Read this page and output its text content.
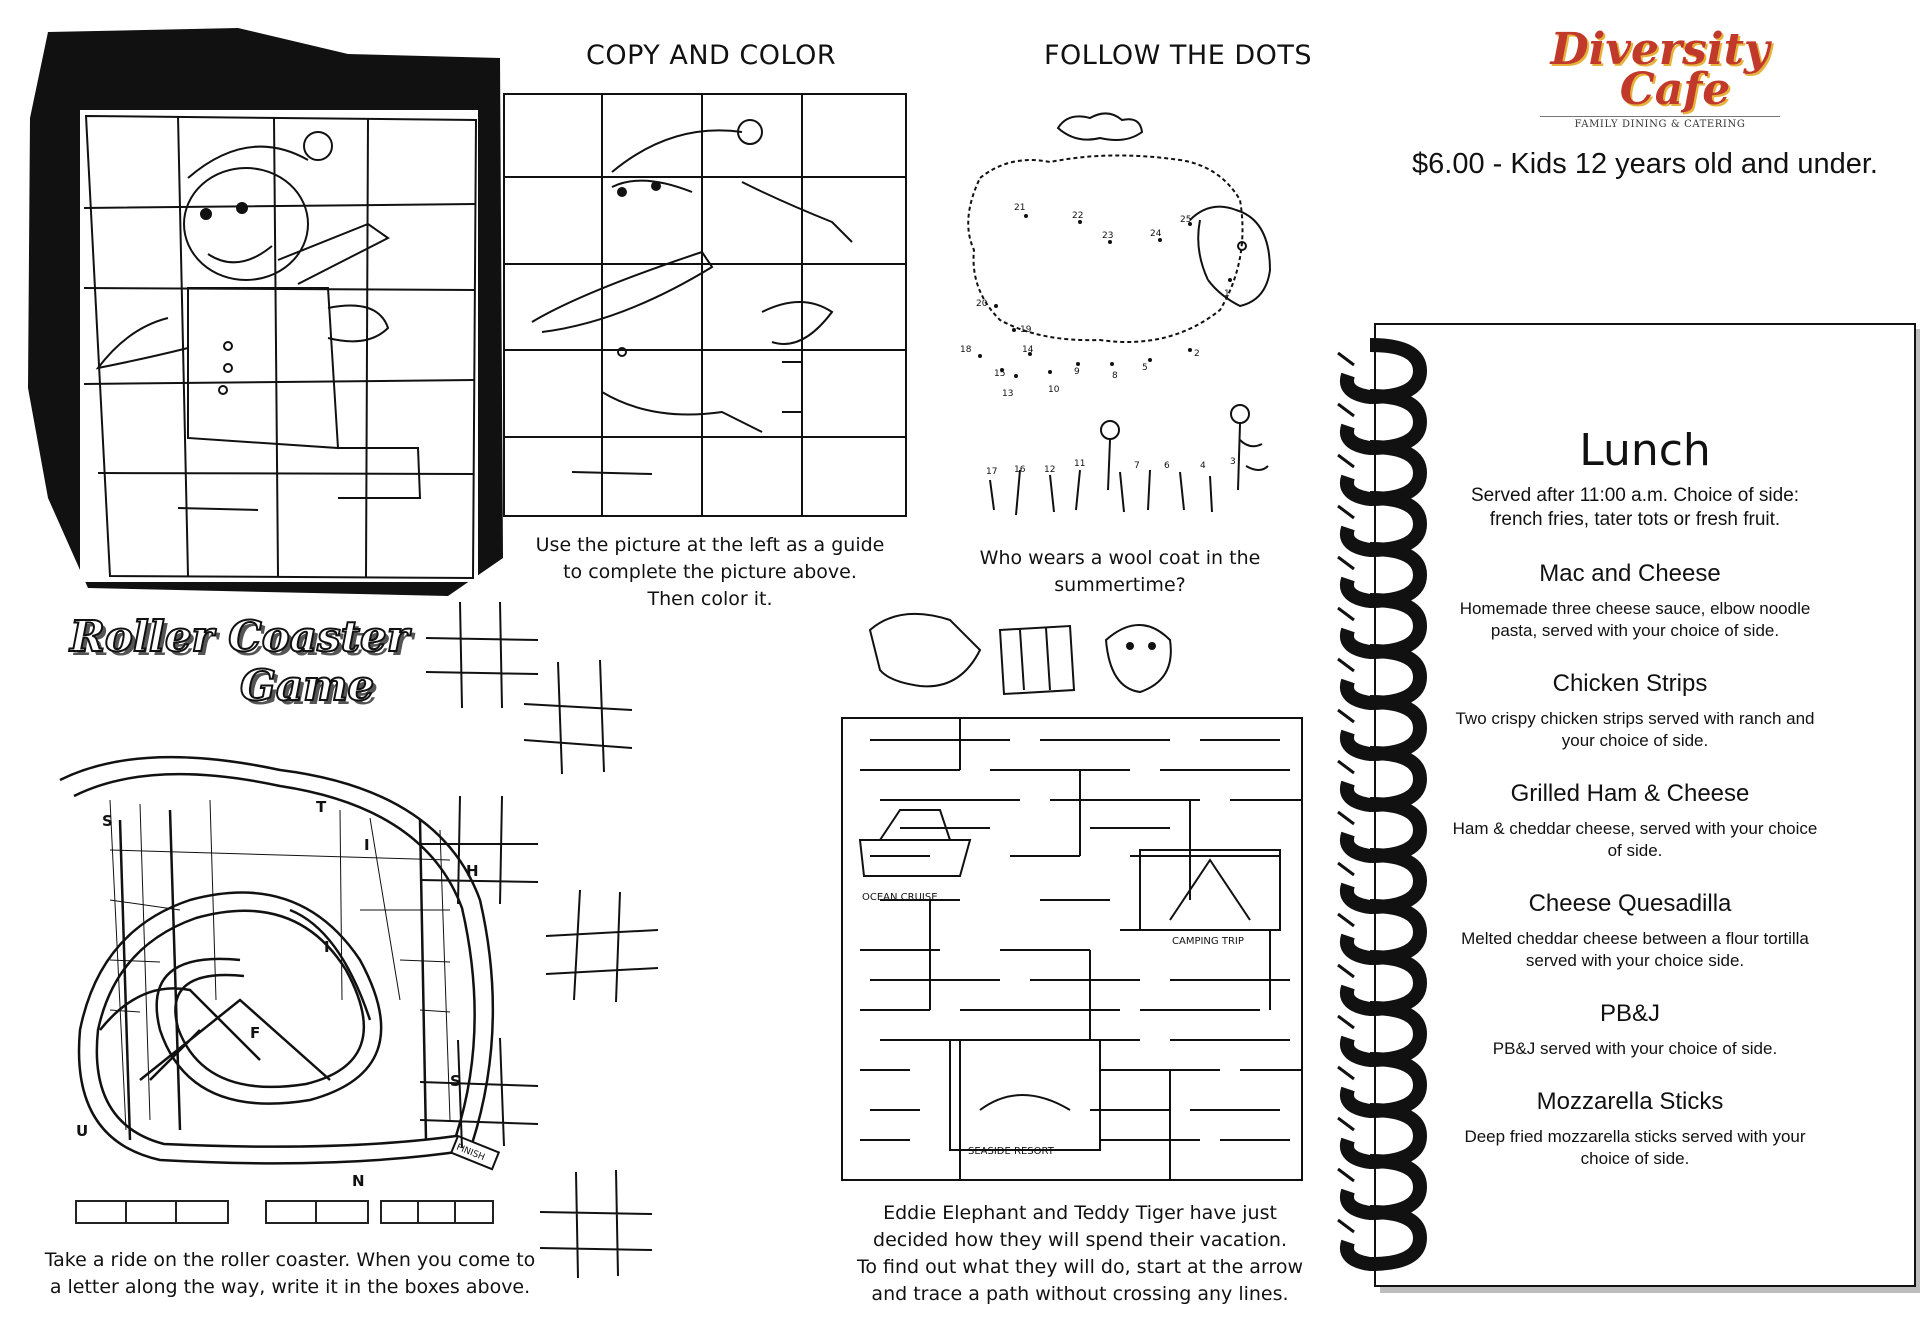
COPY AND COLOR	FOLLOW THE DOTS	Diversity
Cafe
FAMILY DINING & CATERING
$6.00 - Kids 12 years old and under.
Use the picture at the left as a guide
to complete the picture above.
Then color it.
1
2
5
8
9
10
13
14
15
18
19
20
21
22
23	24
25
17 16 12
11	7	6	4	3
Who wears a wool coat in the
summertime?
Roller Coaster
Game
S
T
I
H
I
F
S
U
N
FINISH
Take a ride on the roller coaster. When you come to
a letter along the way, write it in the boxes above.
OCEAN CRUISE
CAMPING TRIP
SEASIDE RESORT
Eddie Elephant and Teddy Tiger have just
decided how they will spend their vacation.
To find out what they will do, start at the arrow
and trace a path without crossing any lines.
Lunch
Served after 11:00 a.m. Choice of side: french fries, tater tots or fresh fruit.
Mac and Cheese
Homemade three cheese sauce, elbow noodle pasta, served with your choice of side.
Chicken Strips
Two crispy chicken strips served with ranch and your choice of side.
Grilled Ham & Cheese
Ham & cheddar cheese, served with your choice of side.
Cheese Quesadilla
Melted cheddar cheese between a flour tortilla served with your choice side.
PB&J
PB&J served with your choice of side.
Mozzarella Sticks
Deep fried mozzarella sticks served with your choice of side.
